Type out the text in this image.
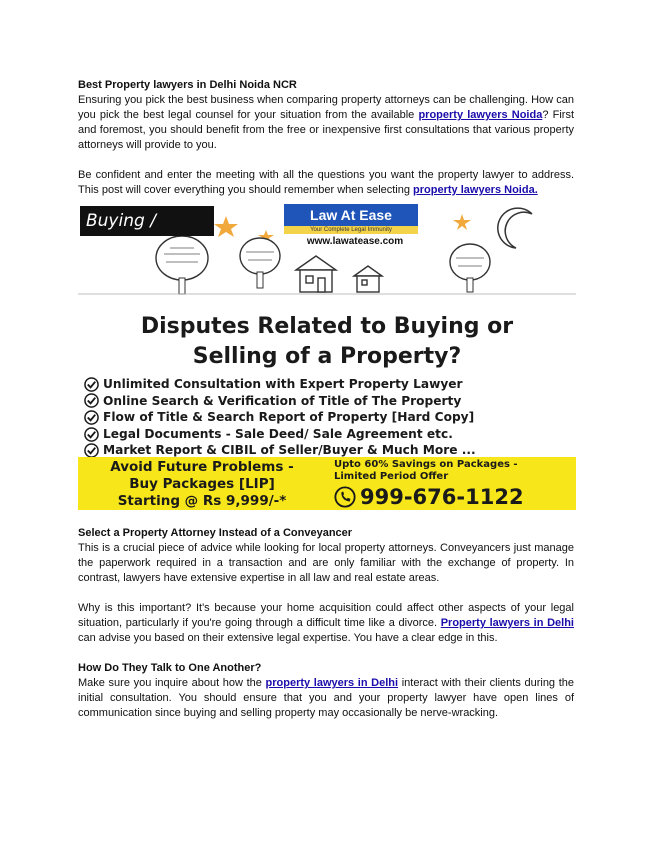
Best Property lawyers in Delhi Noida NCR

Ensuring you pick the best business when comparing property attorneys can be challenging. How can you pick the best legal counsel for your situation from the available property lawyers Noida? First and foremost, you should benefit from the free or inexpensive first consultations that various property attorneys will provide to you.

Be confident and enter the meeting with all the questions you want the property lawyer to address. This post will cover everything you should remember when selecting property lawyers Noida.

Buying / Selling
Law At Ease
Your Complete Legal Immunity
www.lawatease.com
Disputes Related to Buying or
Selling of a Property?
Unlimited Consultation with Expert Property Lawyer
Online Search & Verification of Title of The Property
Flow of Title & Search Report of Property [Hard Copy]
Legal Documents - Sale Deed/ Sale Agreement etc.
Market Report & CIBIL of Seller/Buyer & Much More ...
Avoid Future Problems -
Buy Packages [LIP]
Starting @ Rs 9,999/-*
Upto 60% Savings on Packages -
Limited Period Offer
999-676-1122

Select a Property Attorney Instead of a Conveyancer

This is a crucial piece of advice while looking for local property attorneys. Conveyancers just manage the paperwork required in a transaction and are only familiar with the exchange of property. In contrast, lawyers have extensive expertise in all law and real estate areas.

Why is this important? It's because your home acquisition could affect other aspects of your legal situation, particularly if you're going through a difficult time like a divorce. Property lawyers in Delhi can advise you based on their extensive legal expertise. You have a clear edge in this.

How Do They Talk to One Another?

Make sure you inquire about how the property lawyers in Delhi interact with their clients during the initial consultation. You should ensure that you and your property lawyer have open lines of communication since buying and selling property may occasionally be nerve-wracking.
